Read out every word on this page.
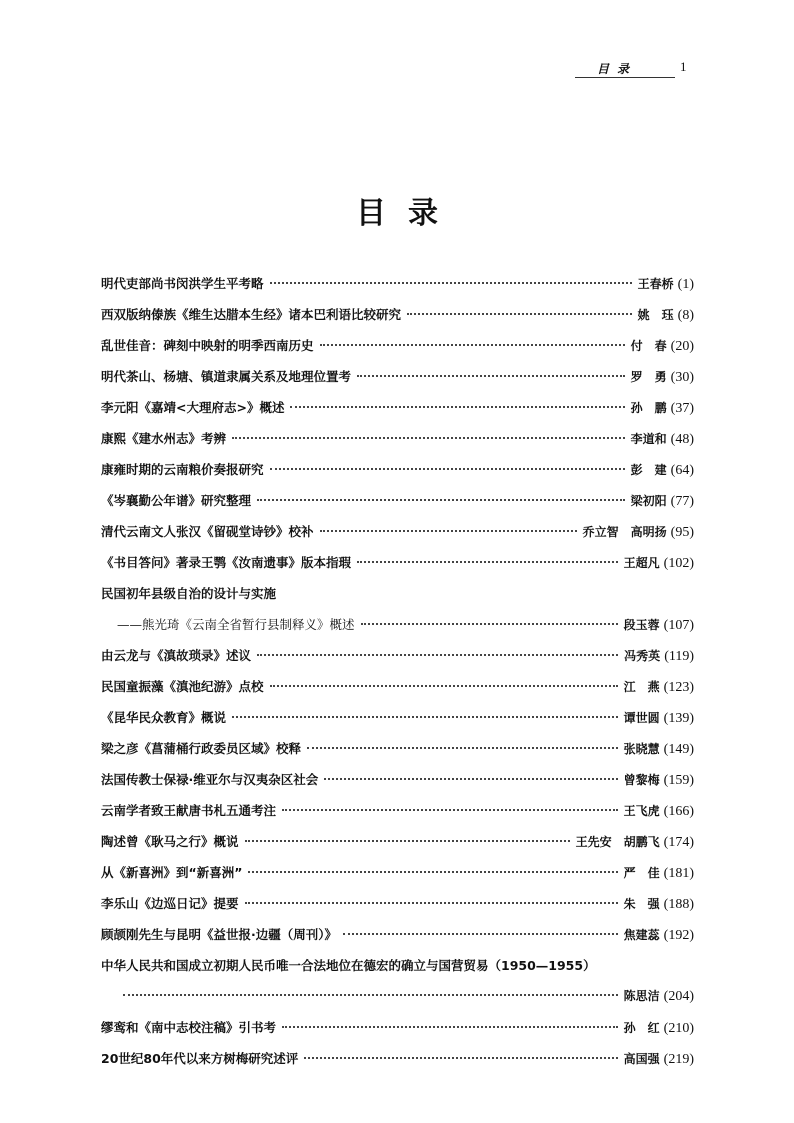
目录	1
目录
明代吏部尚书闵洪学生平考略	王春桥 (1)
西双版纳傣族《维生达腊本生经》诸本巴利语比较研究	姚　珏 (8)
乱世佳音：碑刻中映射的明季西南历史	付　春 (20)
明代茶山、杨塘、镇道隶属关系及地理位置考	罗　勇 (30)
李元阳《嘉靖<大理府志>》概述	孙　鹏 (37)
康熙《建水州志》考辨	李道和 (48)
康雍时期的云南粮价奏报研究	彭　建 (64)
《岑襄勤公年谱》研究整理	梁初阳 (77)
清代云南文人张汉《留砚堂诗钞》校补	乔立智　高明扬 (95)
《书目答问》著录王鹗《汝南遗事》版本指瑕	王超凡 (102)
民国初年县级自治的设计与实施
——熊光琦《云南全省暂行县制释义》概述	段玉蓉 (107)
由云龙与《滇故琐录》述议	冯秀英 (119)
民国童振藻《滇池纪游》点校	江　燕 (123)
《昆华民众教育》概说	谭世圆 (139)
梁之彦《菖蒲桶行政委员区域》校释	张晓慧 (149)
法国传教士保禄·维亚尔与汉夷杂区社会	曾黎梅 (159)
云南学者致王献唐书札五通考注	王飞虎 (166)
陶述曾《耿马之行》概说	王先安　胡鹏飞 (174)
从《新喜洲》到“新喜洲”	严　佳 (181)
李乐山《边巡日记》提要	朱　强 (188)
顾颉刚先生与昆明《益世报·边疆（周刊）》	焦建蕊 (192)
中华人民共和国成立初期人民币唯一合法地位在德宏的确立与国营贸易（1950—1955）
陈思洁 (204)
缪鸾和《南中志校注稿》引书考	孙　红 (210)
20世纪80年代以来方树梅研究述评	高国强 (219)
